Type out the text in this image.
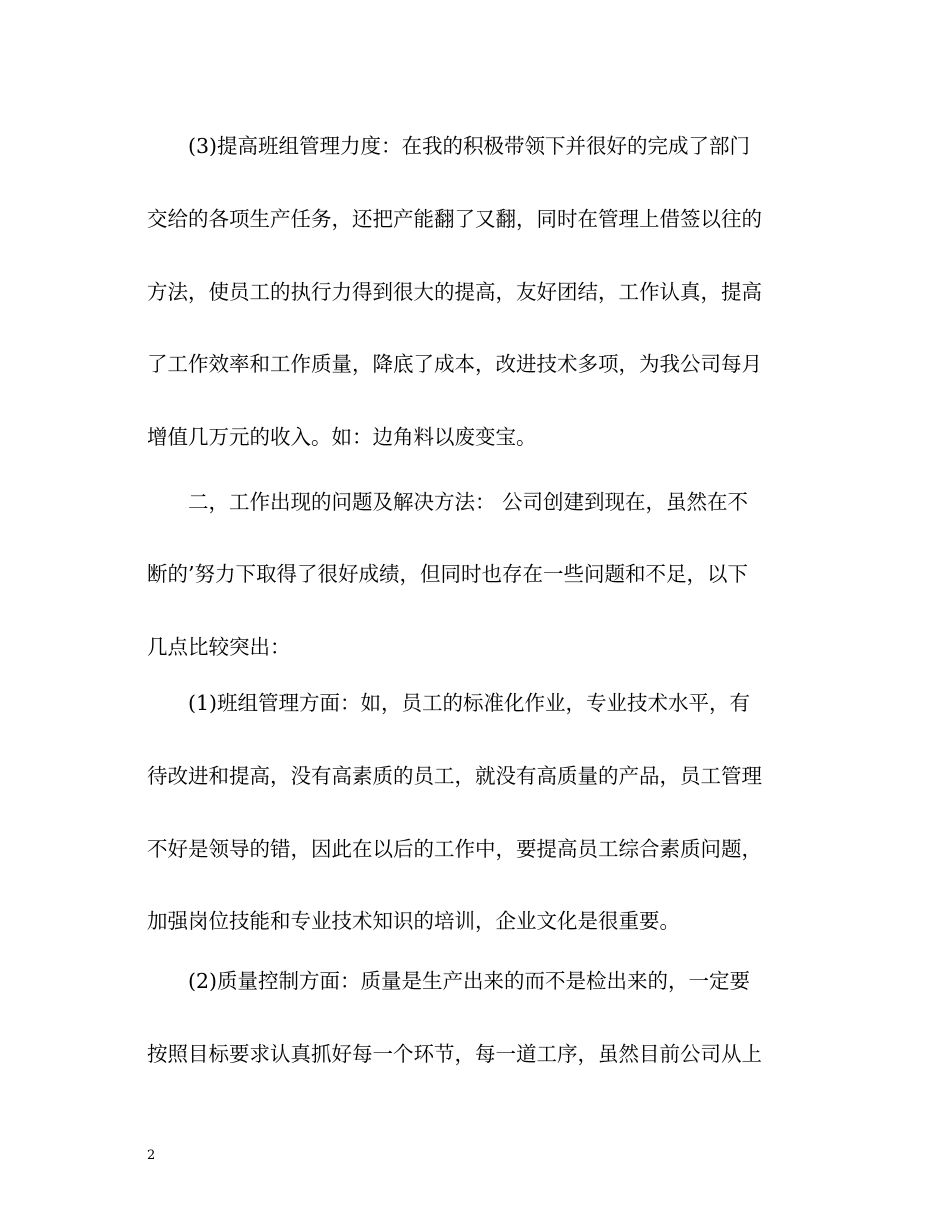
(3)提高班组管理力度：在我的积极带领下并很好的完成了部门
交给的各项生产任务，还把产能翻了又翻，同时在管理上借签以往的
方法，使员工的执行力得到很大的提高，友好团结，工作认真，提高
了工作效率和工作质量，降底了成本，改进技术多项，为我公司每月
增值几万元的收入。如：边角料以废变宝。
二，工作出现的问题及解决方法： 公司创建到现在，虽然在不
断的’努力下取得了很好成绩，但同时也存在一些问题和不足，以下
几点比较突出：
(1)班组管理方面：如，员工的标准化作业，专业技术水平，有
待改进和提高，没有高素质的员工，就没有高质量的产品，员工管理
不好是领导的错，因此在以后的工作中，要提高员工综合素质问题，
加强岗位技能和专业技术知识的培训，企业文化是很重要。
(2)质量控制方面：质量是生产出来的而不是检出来的，一定要
按照目标要求认真抓好每一个环节，每一道工序，虽然目前公司从上
2
